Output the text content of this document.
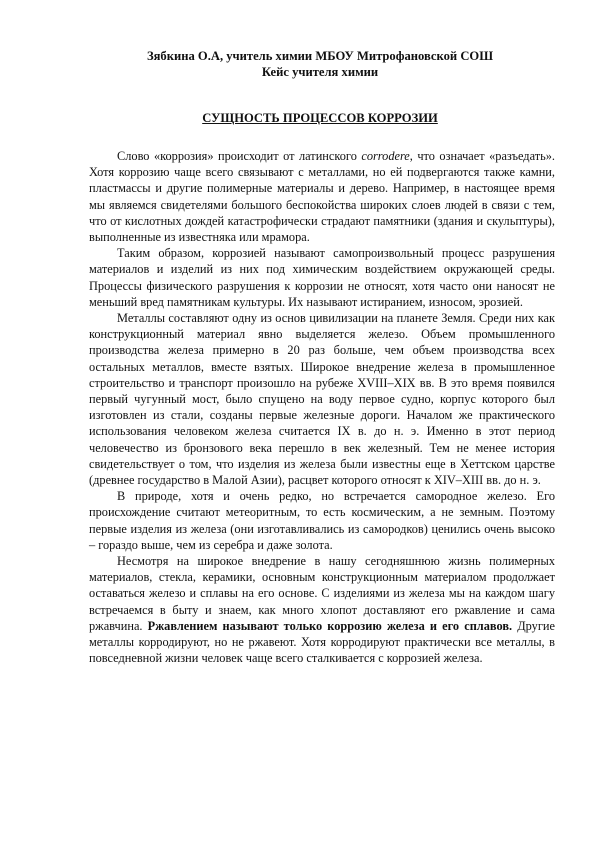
Зябкина О.А, учитель химии МБОУ Митрофановской СОШ
Кейс учителя химии
СУЩНОСТЬ ПРОЦЕССОВ КОРРОЗИИ

Слово «коррозия» происходит от латинского corrodere, что означает «разъедать». Хотя коррозию чаще всего связывают с металлами, но ей подвергаются также камни, пластмассы и другие полимерные материалы и дерево. Например, в настоящее время мы являемся свидетелями большого беспокойства широких слоев людей в связи с тем, что от кислотных дождей катастрофически страдают памятники (здания и скульптуры), выполненные из известняка или мрамора.

Таким образом, коррозией называют самопроизвольный процесс разрушения материалов и изделий из них под химическим воздействием окружающей среды. Процессы физического разрушения к коррозии не относят, хотя часто они наносят не меньший вред памятникам культуры. Их называют истиранием, износом, эрозией.

Металлы составляют одну из основ цивилизации на планете Земля. Среди них как конструкционный материал явно выделяется железо. Объем промышленного производства железа примерно в 20 раз больше, чем объем производства всех остальных металлов, вместе взятых. Широкое внедрение железа в промышленное строительство и транспорт произошло на рубеже XVIII–XIX вв. В это время появился первый чугунный мост, было спущено на воду первое судно, корпус которого был изготовлен из стали, созданы первые железные дороги. Началом же практического использования человеком железа считается IX в. до н. э. Именно в этот период человечество из бронзового века перешло в век железный. Тем не менее история свидетельствует о том, что изделия из железа были известны еще в Хеттском царстве (древнее государство в Малой Азии), расцвет которого относят к XIV–XIII вв. до н. э.

В природе, хотя и очень редко, но встречается самородное железо. Его происхождение считают метеоритным, то есть космическим, а не земным. Поэтому первые изделия из железа (они изготавливались из самородков) ценились очень высоко – гораздо выше, чем из серебра и даже золота.

Несмотря на широкое внедрение в нашу сегодняшнюю жизнь полимерных материалов, стекла, керамики, основным конструкционным материалом продолжает оставаться железо и сплавы на его основе. С изделиями из железа мы на каждом шагу встречаемся в быту и знаем, как много хлопот доставляют его ржавление и сама ржавчина. Ржавлением называют только коррозию железа и его сплавов. Другие металлы корродируют, но не ржавеют. Хотя корродируют практически все металлы, в повседневной жизни человек чаще всего сталкивается с коррозией железа.
